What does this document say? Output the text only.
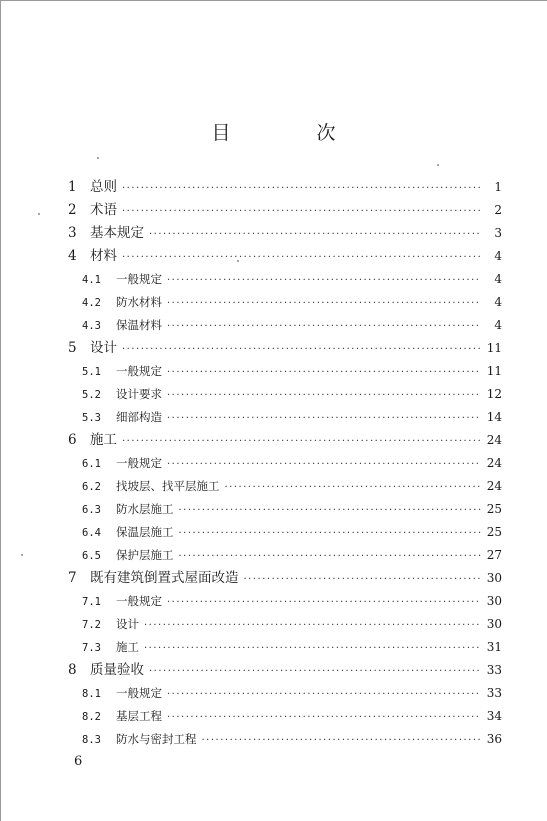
目 次
1 总则 ·····	1
2 术语 ·····	2
3 基本规定 ·····	3
4 材料 ·····	4
4.1	一般规定 ·····	4
4.2	防水材料 ·····	4
4.3	保温材料 ·····	4
5 设计 ·····	11
5.1	一般规定 ·····	11
5.2	设计要求 ·····	12
5.3	细部构造 ·····	14
6 施工 ·····	24
6.1	一般规定 ·····	24
6.2	找坡层、找平层施工 ·····	24
6.3	防水层施工 ·····	25
6.4	保温层施工 ·····	25
6.5	保护层施工 ·····	27
7 既有建筑倒置式屋面改造 ·····	30
7.1	一般规定 ·····	30
7.2	设计 ·····	30
7.3	施工 ·····	31
8 质量验收 ·····	33
8.1	一般规定 ·····	33
8.2	基层工程 ·····	34
8.3	防水与密封工程 ·····	36
6
